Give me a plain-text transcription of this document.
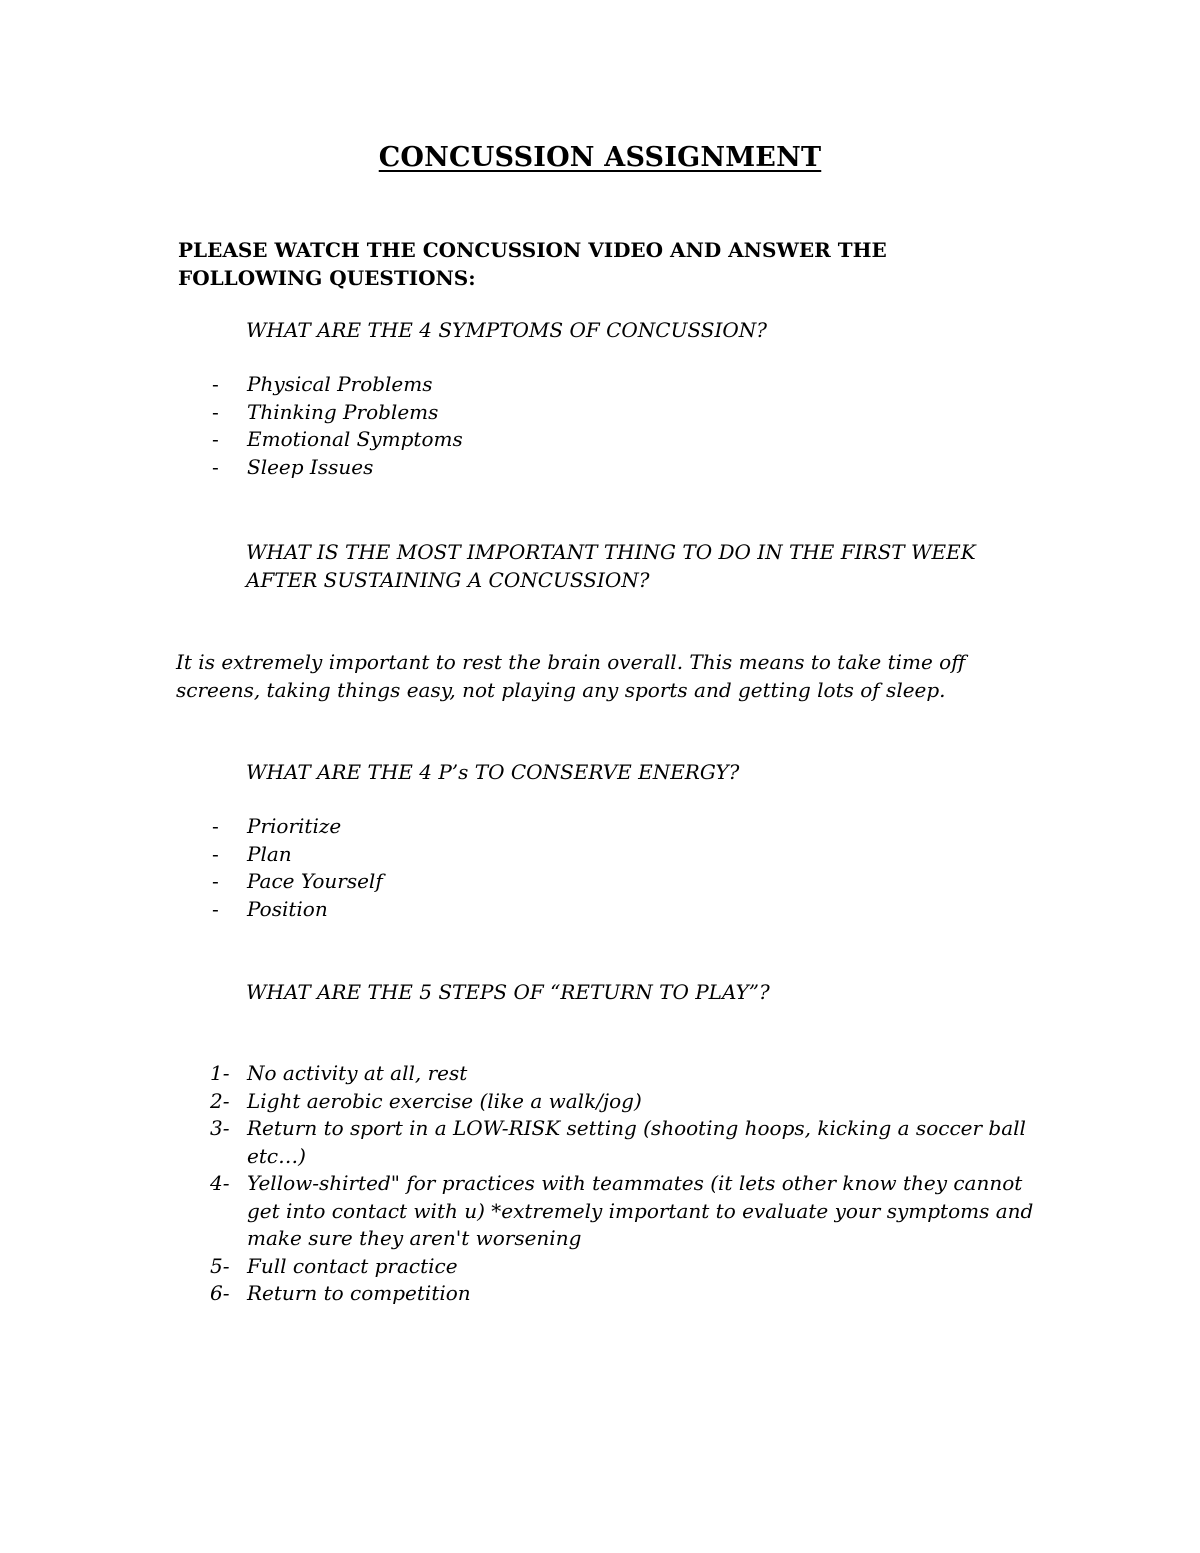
CONCUSSION ASSIGNMENT
PLEASE WATCH THE CONCUSSION VIDEO AND ANSWER THE FOLLOWING QUESTIONS:
WHAT ARE THE 4 SYMPTOMS OF CONCUSSION?
- Physical Problems
- Thinking Problems
- Emotional Symptoms
- Sleep Issues
WHAT IS THE MOST IMPORTANT THING TO DO IN THE FIRST WEEK AFTER SUSTAINING A CONCUSSION?
It is extremely important to rest the brain overall. This means to take time off screens, taking things easy, not playing any sports and getting lots of sleep.
WHAT ARE THE 4 P’s TO CONSERVE ENERGY?
- Prioritize
- Plan
- Pace Yourself
- Position
WHAT ARE THE 5 STEPS OF “RETURN TO PLAY”?
1- No activity at all, rest
2- Light aerobic exercise (like a walk/jog)
3- Return to sport in a LOW-RISK setting (shooting hoops, kicking a soccer ball etc…)
4- Yellow-shirted" for practices with teammates (it lets other know they cannot get into contact with u) *extremely important to evaluate your symptoms and make sure they aren't worsening
5- Full contact practice
6- Return to competition
